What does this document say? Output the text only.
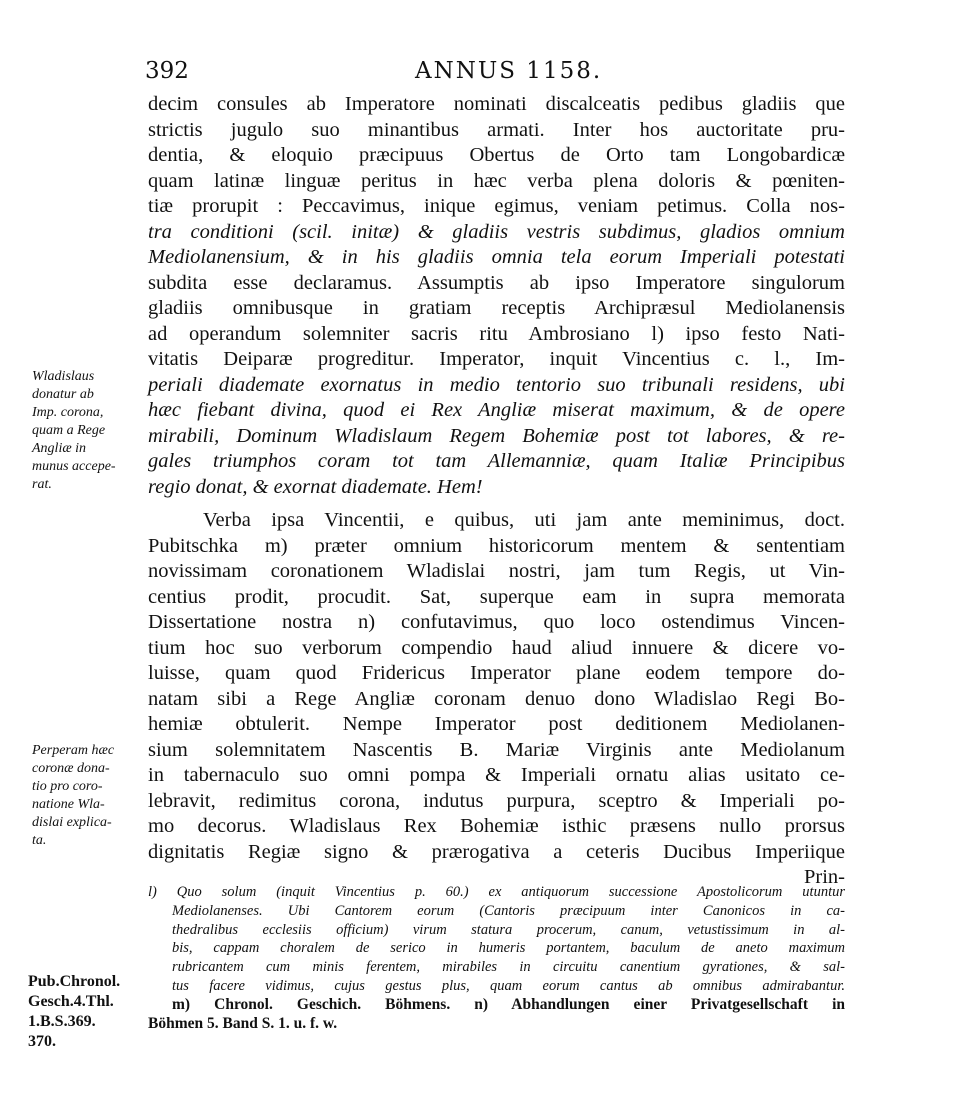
392	ANNUS 1158.
decim consules ab Imperatore nominati discalceatis pedibus gladiis que
strictis jugulo suo minantibus armati. Inter hos auctoritate pru-
dentia, & eloquio præcipuus Obertus de Orto tam Longobardicæ
quam latinæ linguæ peritus in hæc verba plena doloris & pœniten-
tiæ prorupit : Peccavimus, inique egimus, veniam petimus. Colla nos-
tra conditioni (scil. initæ) & gladiis vestris subdimus, gladios omnium
Mediolanensium, & in his gladiis omnia tela eorum Imperiali potestati
subdita esse declaramus. Assumptis ab ipso Imperatore singulorum
gladiis omnibusque in gratiam receptis Archipræsul Mediolanensis
ad operandum solemniter sacris ritu Ambrosiano l) ipso festo Nati-
vitatis Deiparæ progreditur. Imperator, inquit Vincentius c. l., Im-
periali diademate exornatus in medio tentorio suo tribunali residens, ubi
hæc fiebant divina, quod ei Rex Angliæ miserat maximum, & de opere
mirabili, Dominum Wladislaum Regem Bohemiæ post tot labores, & re-
gales triumphos coram tot tam Allemanniæ, quam Italiæ Principibus
regio donat, & exornat diademate. Hem!
Verba ipsa Vincentii, e quibus, uti jam ante meminimus, doct.
Pubitschka m) præter omnium historicorum mentem & sententiam
novissimam coronationem Wladislai nostri, jam tum Regis, ut Vin-
centius prodit, procudit. Sat, superque eam in supra memorata
Dissertatione nostra n) confutavimus, quo loco ostendimus Vincen-
tium hoc suo verborum compendio haud aliud innuere & dicere vo-
luisse, quam quod Fridericus Imperator plane eodem tempore do-
natam sibi a Rege Angliæ coronam denuo dono Wladislao Regi Bo-
hemiæ obtulerit. Nempe Imperator post deditionem Mediolanen-
sium solemnitatem Nascentis B. Mariæ Virginis ante Mediolanum
in tabernaculo suo omni pompa & Imperiali ornatu alias usitato ce-
lebravit, redimitus corona, indutus purpura, sceptro & Imperiali po-
mo decorus. Wladislaus Rex Bohemiæ isthic præsens nullo prorsus
dignitatis Regiæ signo & prærogativa a ceteris Ducibus Imperiique
Prin-
Wladislaus
donatur ab
Imp. corona,
quam a Rege
Angliæ in
munus accepe-
rat.
Perperam hæc
coronæ dona-
tio pro coro-
natione Wla-
dislai explica-
ta.
Pub.Chronol.
Gesch.4.Thl.
1.B.S.369.
370.
l) Quo solum (inquit Vincentius p. 60.) ex antiquorum successione Apostolicorum utuntur
Mediolanenses. Ubi Cantorem eorum (Cantoris præcipuum inter Canonicos in ca-
thedralibus ecclesiis officium) virum statura procerum, canum, vetustissimum in al-
bis, cappam choralem de serico in humeris portantem, baculum de aneto maximum
rubricantem cum minis ferentem, mirabiles in circuitu canentium gyrationes, & sal-
tus facere vidimus, cujus gestus plus, quam eorum cantus ab omnibus admirabantur.
m) Chronol. Geschich. Böhmens. n) Abhandlungen einer Privatgesellschaft in
Böhmen 5. Band S. 1. u. f. w.
